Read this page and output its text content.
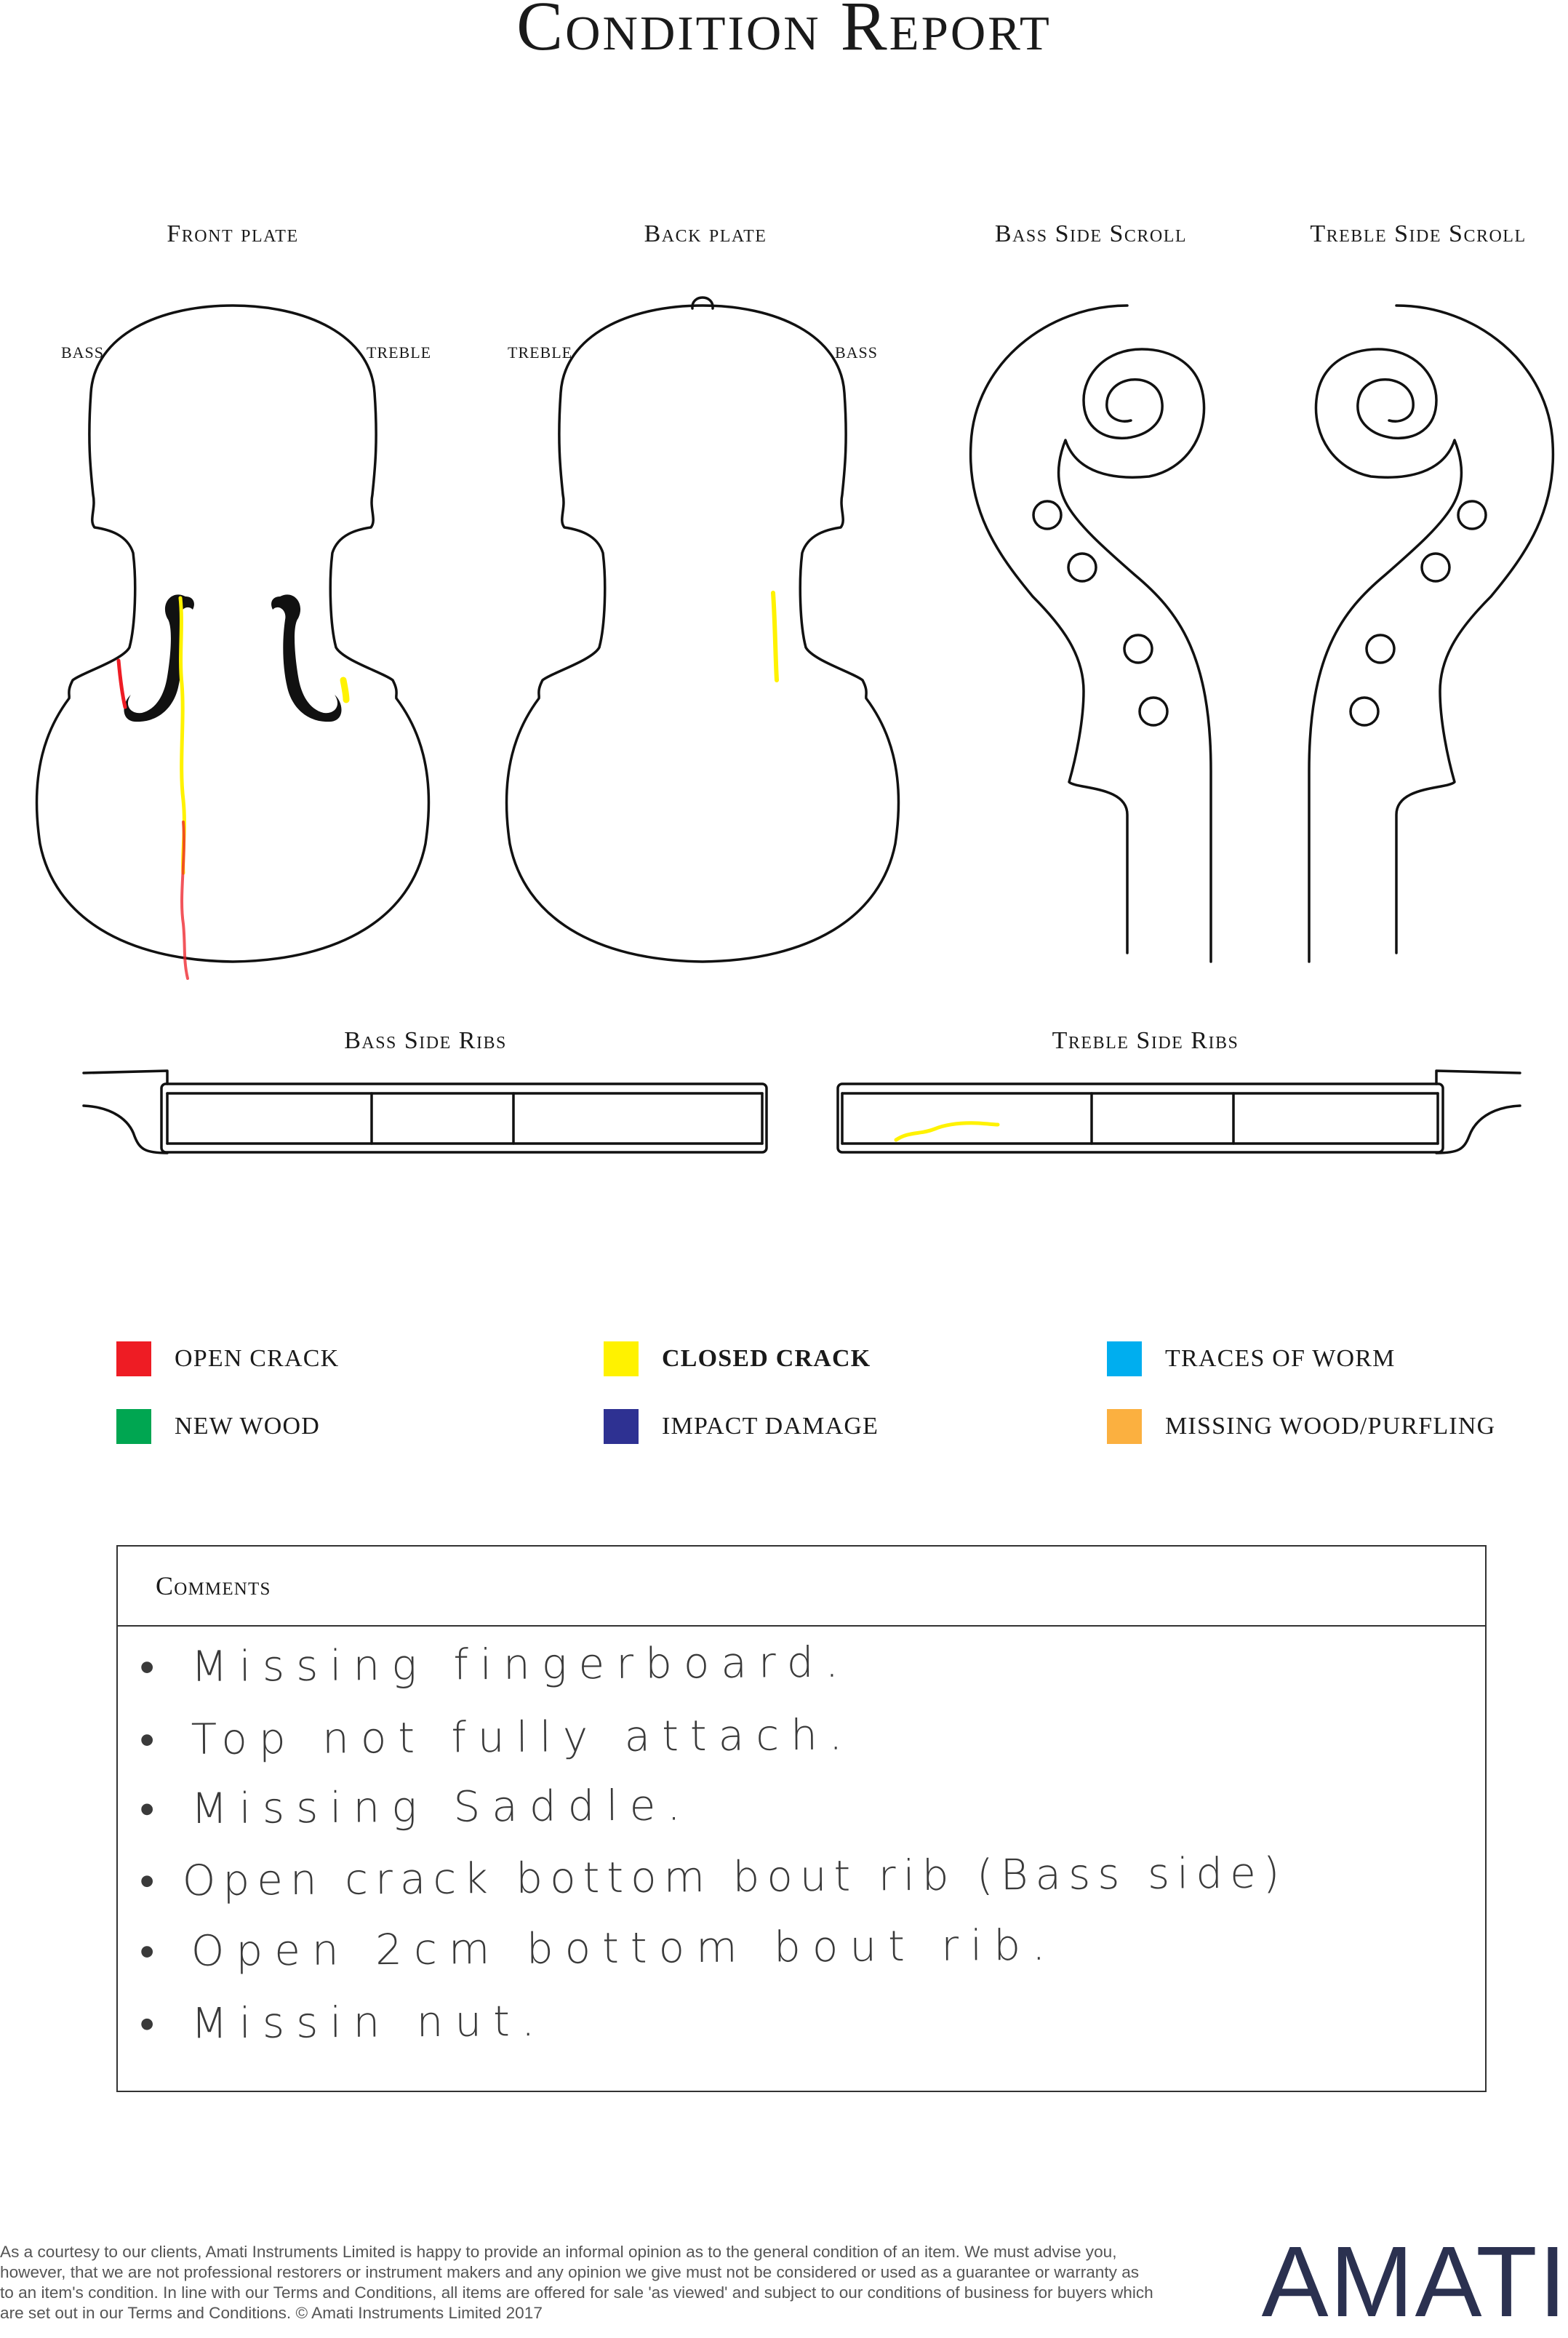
Condition Report
Front plate	Back plate	Bass Side Scroll	Treble Side Scroll
BASS	TREBLE	TREBLE	BASS
Bass Side Ribs	Treble Side Ribs
OPEN CRACK	CLOSED CRACK	TRACES OF WORM
NEW WOOD	IMPACT DAMAGE	MISSING WOOD/PURFLING
Comments
• Missing fingerboard.
• Top not fully attach.
• Missing Saddle.
• Open crack bottom bout rib (Bass side)
• Open 2cm bottom bout rib.
• Missin nut.
As a courtesy to our clients, Amati Instruments Limited is happy to provide an informal opinion as to the general condition of an item. We must advise you, however, that we are not professional restorers or instrument makers and any opinion we give must not be considered or used as a guarantee or warranty as to an item's condition. In line with our Terms and Conditions, all items are offered for sale 'as viewed' and subject to our conditions of business for buyers which are set out in our Terms and Conditions. © Amati Instruments Limited 2017	AMATI
